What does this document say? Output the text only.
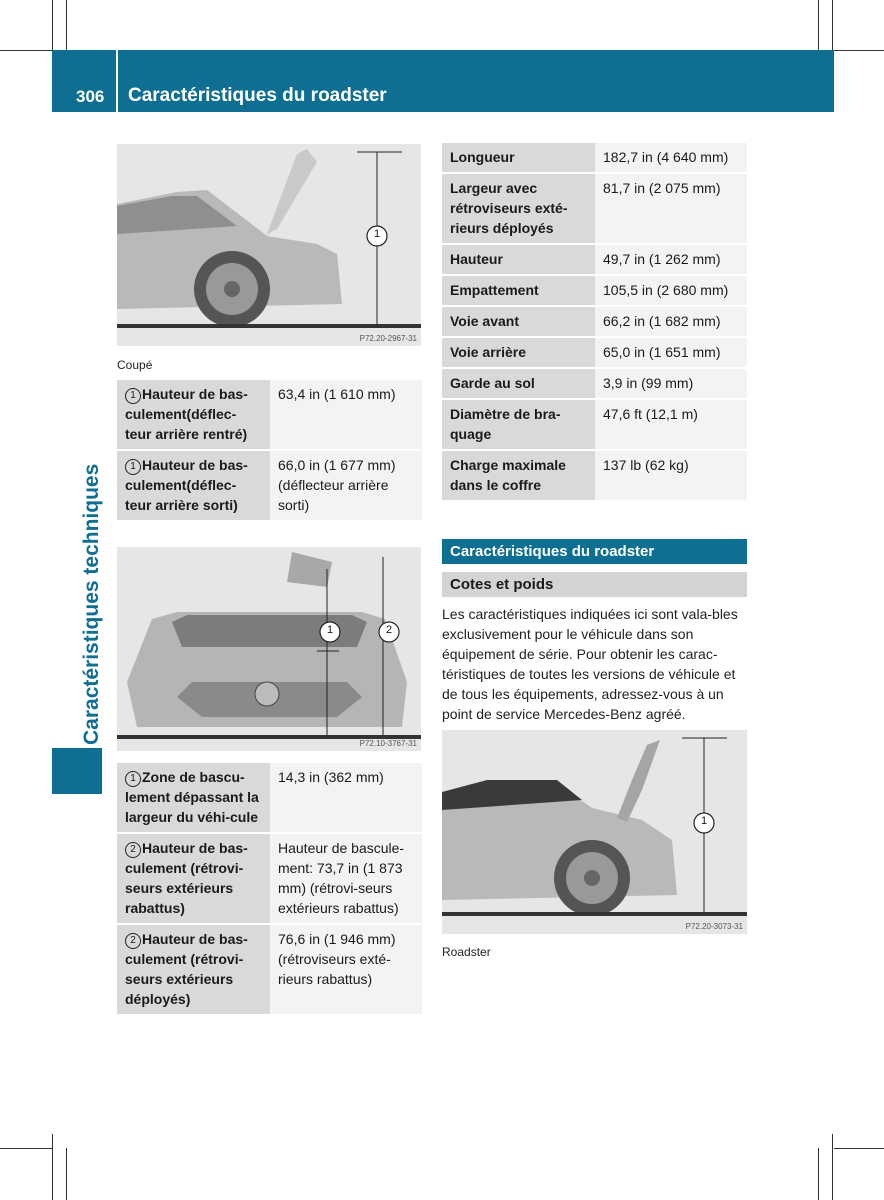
306	Caractéristiques du roadster
Caractéristiques techniques
1
P72.20-2967-31
Coupé
1 Hauteur de bas-culement(déflec-teur arrière rentré)	63,4 in (1 610 mm)
1 Hauteur de bas-culement(déflec-teur arrière sorti)	66,0 in (1 677 mm) (déflecteur arrière sorti)
1	2
P72.10-3767-31
1 Zone de bascu-lement dépassant la largeur du véhi-cule	14,3 in (362 mm)
2 Hauteur de bas-culement (rétrovi-seurs extérieurs rabattus)	Hauteur de bascule-ment: 73,7 in (1 873 mm) (rétrovi-seurs extérieurs rabattus)
2 Hauteur de bas-culement (rétrovi-seurs extérieurs déployés)	76,6 in (1 946 mm) (rétroviseurs exté-rieurs rabattus)
Longueur	182,7 in (4 640 mm)
Largeur avec rétroviseurs exté-rieurs déployés	81,7 in (2 075 mm)
Hauteur	49,7 in (1 262 mm)
Empattement	105,5 in (2 680 mm)
Voie avant	66,2 in (1 682 mm)
Voie arrière	65,0 in (1 651 mm)
Garde au sol	3,9 in (99 mm)
Diamètre de bra-quage	47,6 ft (12,1 m)
Charge maximale dans le coffre	137 lb (62 kg)
Caractéristiques du roadster
Cotes et poids
Les caractéristiques indiquées ici sont vala-bles exclusivement pour le véhicule dans son équipement de série. Pour obtenir les carac-téristiques de toutes les versions de véhicule et de tous les équipements, adressez-vous à un point de service Mercedes-Benz agréé.
1
P72.20-3073-31
Roadster
